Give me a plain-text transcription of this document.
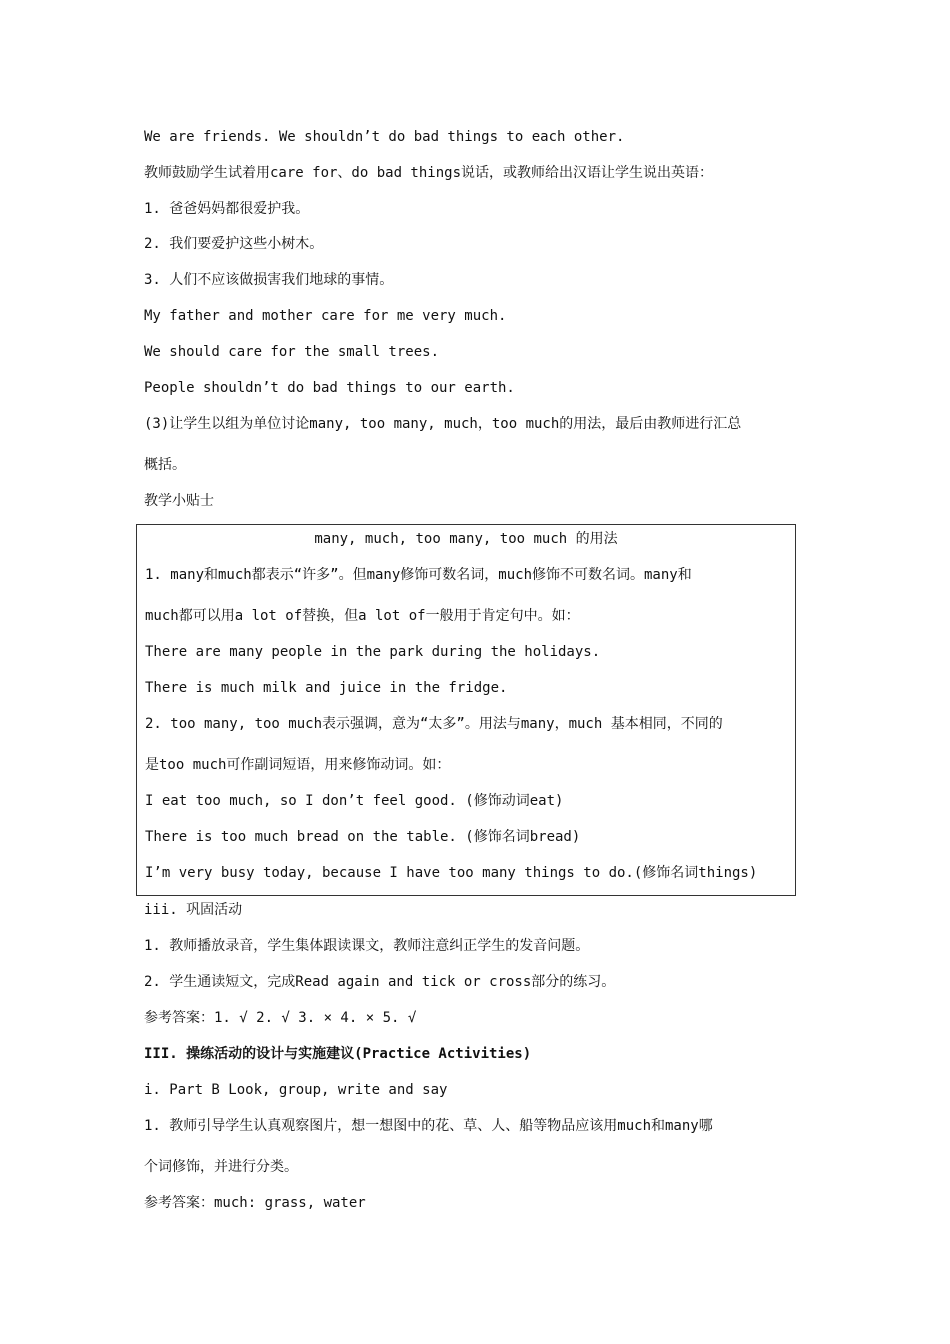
We are friends. We shouldn’t do bad things to each other.
教师鼓励学生试着用care for、do bad things说话，或教师给出汉语让学生说出英语：
1. 爸爸妈妈都很爱护我。
2. 我们要爱护这些小树木。
3. 人们不应该做损害我们地球的事情。
My father and mother care for me very much.
We should care for the small trees.
People shouldn’t do bad things to our earth.
(3)让学生以组为单位讨论many, too many, much，too much的用法，最后由教师进行汇总
概括。
教学小贴士
many, much, too many, too much 的用法
1. many和much都表示“许多”。但many修饰可数名词，much修饰不可数名词。many和
much都可以用a lot of替换，但a lot of一般用于肯定句中。如：
There are many people in the park during the holidays.
There is much milk and juice in the fridge.
2. too many, too much表示强调，意为“太多”。用法与many，much 基本相同，不同的
是too much可作副词短语，用来修饰动词。如：
I eat too much, so I don’t feel good. (修饰动词eat)
There is too much bread on the table. (修饰名词bread)
I’m very busy today, because I have too many things to do.(修饰名词things)
iii. 巩固活动
1. 教师播放录音，学生集体跟读课文，教师注意纠正学生的发音问题。
2. 学生通读短文，完成Read again and tick or cross部分的练习。
参考答案：1. √ 2. √ 3. × 4. × 5. √
III. 操练活动的设计与实施建议(Practice Activities)
i. Part B Look, group, write and say
1. 教师引导学生认真观察图片，想一想图中的花、草、人、船等物品应该用much和many哪
个词修饰，并进行分类。
参考答案：much: grass, water
